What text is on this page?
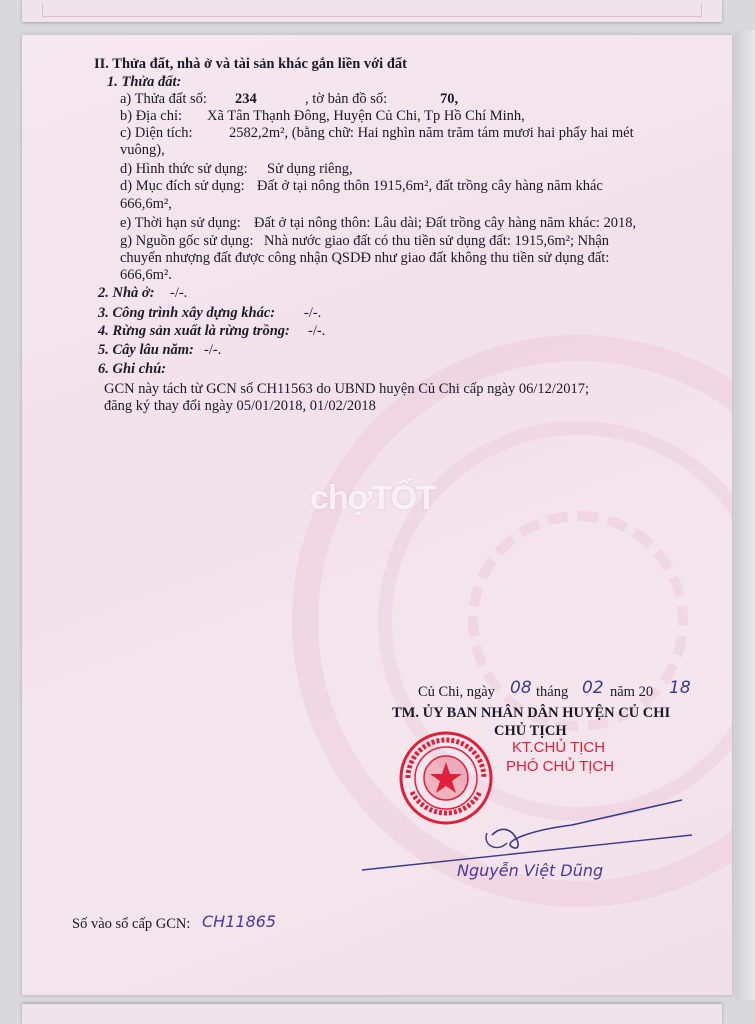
II. Thửa đất, nhà ở và tài sản khác gắn liền với đất
1. Thửa đất:
a) Thửa đất số: 234	, tờ bản đồ số:	70,
b) Địa chỉ: Xã Tân Thạnh Đông, Huyện Củ Chi, Tp Hồ Chí Minh,
c) Diện tích:	2582,2m², (bằng chữ: Hai nghìn năm trăm tám mươi hai phẩy hai mét
vuông),
d) Hình thức sử dụng: Sử dụng riêng,
d) Mục đích sử dụng: Đất ở tại nông thôn 1915,6m², đất trồng cây hàng năm khác
666,6m²,
e) Thời hạn sử dụng: Đất ở tại nông thôn: Lâu dài; Đất trồng cây hàng năm khác: 2018,
g) Nguồn gốc sử dụng: Nhà nước giao đất có thu tiền sử dụng đất: 1915,6m²; Nhận
chuyển nhượng đất được công nhận QSDĐ như giao đất không thu tiền sử dụng đất:
666,6m².
2. Nhà ở: -/-.
3. Công trình xây dựng khác: -/-.
4. Rừng sản xuất là rừng trồng: -/-.
5. Cây lâu năm: -/-.
6. Ghi chú:
GCN này tách từ GCN số CH11563 do UBND huyện Củ Chi cấp ngày 06/12/2017;
đăng ký thay đổi ngày 05/01/2018, 01/02/2018
chợTỐT
Củ Chi, ngày 08 tháng 02 năm 20 18
TM. ỦY BAN NHÂN DÂN HUYỆN CỦ CHI
CHỦ TỊCH
KT.CHỦ TỊCH
PHÓ CHỦ TỊCH
Nguyễn Việt Dũng
Số vào sổ cấp GCN: CH11865
